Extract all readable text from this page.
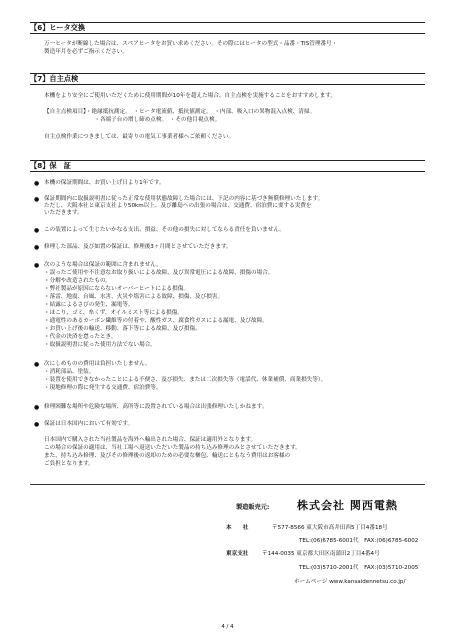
【6】ヒータ交換
万一ヒータが断線した場合は、スペアヒータをお買い求めください。その際にはヒータの型式・品番・TIS管理番号・
製造年月を必ずご指示ください。
【7】自主点検
本機をより安全にご使用いただくために使用期間が10年を超えた場合、自主点検を実施することをおすすめします。
【自主点検項目】・絶縁抵抗測定。　・ヒータ電流値、抵抗値測定。　・内部、吸入口の異物混入点検、清掃。
　　　　　　　　　・各端子台の増し締め点検。　・その他目視点検。
自主点検作業につきましては、最寄りの電気工事業者様へご依頼ください。
【8】保　証
● 本機の保証期間は、お買い上げ日より1年です。
● 保証期間内に取扱説明書に従った正常な使用状態故障した場合には、下記の内容に基づき無償修理いたします。
ただし、大阪本社と東京支社より50km以上、及び離島への出張の場合は、交通費、宿泊費に要する実費を
いただきます。
● この装置によって生じたいかなる支出、損益、その他の損失に対してならる責任を負いません。
● 修理した部品、及び如置の保証は、修理後3ヶ月間とさせていただきます。
● 次のような場合は保証の範囲に含まれません。
・誤ったご使用や不注意なお取り扱いによる故障、及び異常電圧による故障、損傷の場合。
・分解や改造されたもの。
・弊社製品が原因にならないオーバーヒートによる損傷。
・落雷、地震、台風、水害、火災や塩害による故障、損傷、及び損害。
・結露によるさびの発生、漏電等。
・ほこり、ゴミ、糸くず、オイルミスト等による損傷。
・通電性のあるカーボン繊維等の付着や、酸性ガス、腐食性ガスによる漏電、及び故障。
・お買い上げ後の輸送、移動、落下等による故障、及び損傷。
・代金の決済を怠ったとき。
・取扱説明書に従った使用方法でない場合。
● 次にしめものの費用は負担いたしません。
・消耗部品、塗装。
・装置を使用できなかったことによる不便さ、及び損失、または二次損失等（電話代、休業補償、商業損失等）。
・現地修理の際に発生する交通費、宿泊費等。
● 修理困難な場所や危険な場所、高所等に設置されている場合は出張修理いたしかねます。
● 保証は日本国内において有効です。
日本国内で購入された当社製品を海外へ輸出された場合、保証は適用外となります。
この場合の保証の適用は、当社工場へ返送いただいた製品の持ち込み修理のみとさせていただきます。
また、持ち込み修理、及びその修理後の返却のための必要な梱包、輸送にともなう費用はお客様の
ご負担となります。
製造販売元:	株式会社 関西電熱
本　　社	〒577-8566 東大阪市高井田西5丁目4番18号
TEL:(06)6785-6001代　FAX:(06)6785-6002
東京支社 〒144-0035 東京都大田区南蒲田2丁目4番4号
TEL:(03)5710-2001代　FAX:(03)5710-2005
ホームページ www.kansaidennetsu.co.jp/
4 / 4
